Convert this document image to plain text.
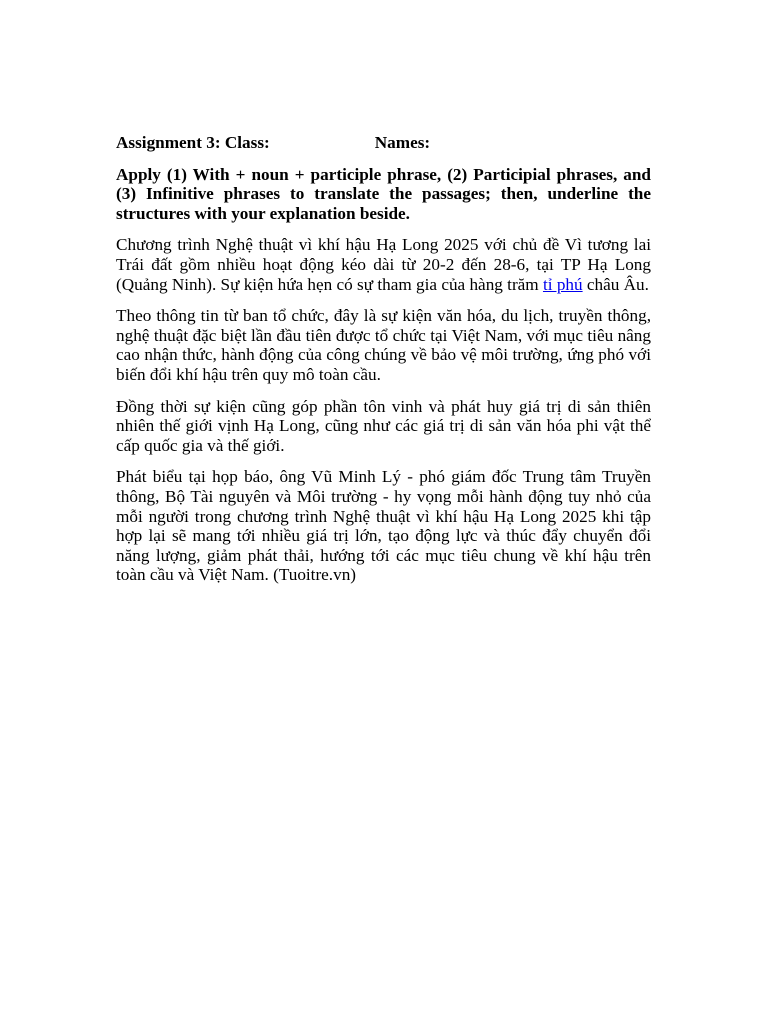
Assignment 3: Class:	Names:

Apply (1) With + noun + participle phrase, (2) Participial phrases, and (3) Infinitive phrases to translate the passages; then, underline the structures with your explanation beside.

Chương trình Nghệ thuật vì khí hậu Hạ Long 2025 với chủ đề Vì tương lai Trái đất gồm nhiều hoạt động kéo dài từ 20-2 đến 28-6, tại TP Hạ Long (Quảng Ninh). Sự kiện hứa hẹn có sự tham gia của hàng trăm tỉ phú châu Âu.

Theo thông tin từ ban tổ chức, đây là sự kiện văn hóa, du lịch, truyền thông, nghệ thuật đặc biệt lần đầu tiên được tổ chức tại Việt Nam, với mục tiêu nâng cao nhận thức, hành động của công chúng về bảo vệ môi trường, ứng phó với biến đổi khí hậu trên quy mô toàn cầu.

Đồng thời sự kiện cũng góp phần tôn vinh và phát huy giá trị di sản thiên nhiên thế giới vịnh Hạ Long, cũng như các giá trị di sản văn hóa phi vật thể cấp quốc gia và thế giới.

Phát biểu tại họp báo, ông Vũ Minh Lý - phó giám đốc Trung tâm Truyền thông, Bộ Tài nguyên và Môi trường - hy vọng mỗi hành động tuy nhỏ của mỗi người trong chương trình Nghệ thuật vì khí hậu Hạ Long 2025 khi tập hợp lại sẽ mang tới nhiều giá trị lớn, tạo động lực và thúc đẩy chuyển đổi năng lượng, giảm phát thải, hướng tới các mục tiêu chung về khí hậu trên toàn cầu và Việt Nam. (Tuoitre.vn)
